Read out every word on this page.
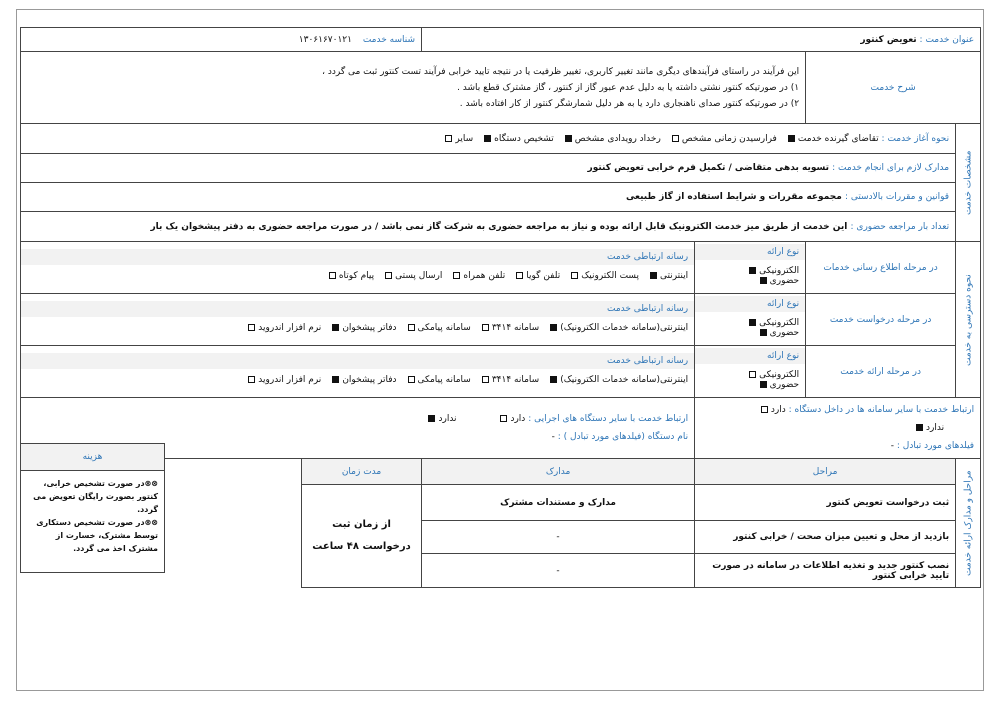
عنوان خدمت : تعویض کنتور	شناسه خدمت ۱۳۰۶۱۶۷۰۱۲۱
شرح خدمت	
این فرآیند در راستای فرآیندهای دیگری مانند تغییر کاربری، تغییر ظرفیت یا در نتیجه تایید خرابی فرآیند تست کنتور ثبت می گردد ،
۱) در صورتیکه کنتور نشتی داشته یا به دلیل عدم عبور گاز از کنتور ، گاز مشترک قطع باشد .
۲) در صورتیکه کنتور صدای ناهنجاری دارد یا به هر دلیل شمارشگر کنتور از کار افتاده باشد .

مشخصات خدمت	نحوه آغاز خدمت : تقاضای گیرنده خدمتفرارسیدن زمانی مشخصرخداد رویدادی مشخصتشخیص دستگاهسایر
مدارک لازم برای انجام خدمت : تسویه بدهی متقاضی / تکمیل فرم خرابی تعویض کنتور
قوانین و مقررات بالادستی : مجموعه مقررات و شرایط استفاده از گاز طبیعی
تعداد بار مراجعه حضوری : این خدمت از طریق میز خدمت الکترونیک قابل ارائه بوده و نیاز به مراجعه حضوری به شرکت گاز نمی باشد / در صورت مراجعه حضوری به دفتر پیشخوان یک بار
نحوه دسترسی به خدمت	در مرحله اطلاع رسانی خدمات	
نوع ارائه
الکترونیکیحضوری

رسانه ارتباطی خدمت
اینترنتیپست الکترونیکتلفن گویاتلفن همراهارسال پستیپیام کوتاه

در مرحله درخواست خدمت	
نوع ارائه
الکترونیکیحضوری

رسانه ارتباطی خدمت
اینترنتی(سامانه خدمات الکترونیک)سامانه ۳۴۱۴سامانه پیامکیدفاتر پیشخواننرم افزار اندروید

در مرحله ارائه خدمت	
نوع ارائه
الکترونیکیحضوری

رسانه ارتباطی خدمت
اینترنتی(سامانه خدمات الکترونیک)سامانه ۳۴۱۴سامانه پیامکیدفاتر پیشخواننرم افزار اندروید

ارتباط خدمت با سایر سامانه ها در داخل دستگاه : دارد ندارد
فیلدهای مورد تبادل : -

ارتباط خدمت با سایر دستگاه های اجرایی : دارد ندارد
نام دستگاه (فیلدهای مورد تبادل ) : -

مراحل و مدارک ارائه خدمت	مراحل	مدارک	مدت زمان
ثبت درخواست تعویض کنتور	مدارک و مستندات مشترک	از زمان ثبت درخواست ۴۸ ساعت
بازدید از محل و تعیین میزان صحت / خرابی کنتور	-
نصب کنتور جدید و تغذیه اطلاعات در سامانه در صورت تایید خرابی کنتور	-
هزینه
⊗⊗در صورت تشخیص خرابی، کنتور بصورت رایگان تعویض می گردد.
⊗⊗در صورت تشخیص دستکاری توسط مشترک، خسارت از مشترک اخذ می گردد.
